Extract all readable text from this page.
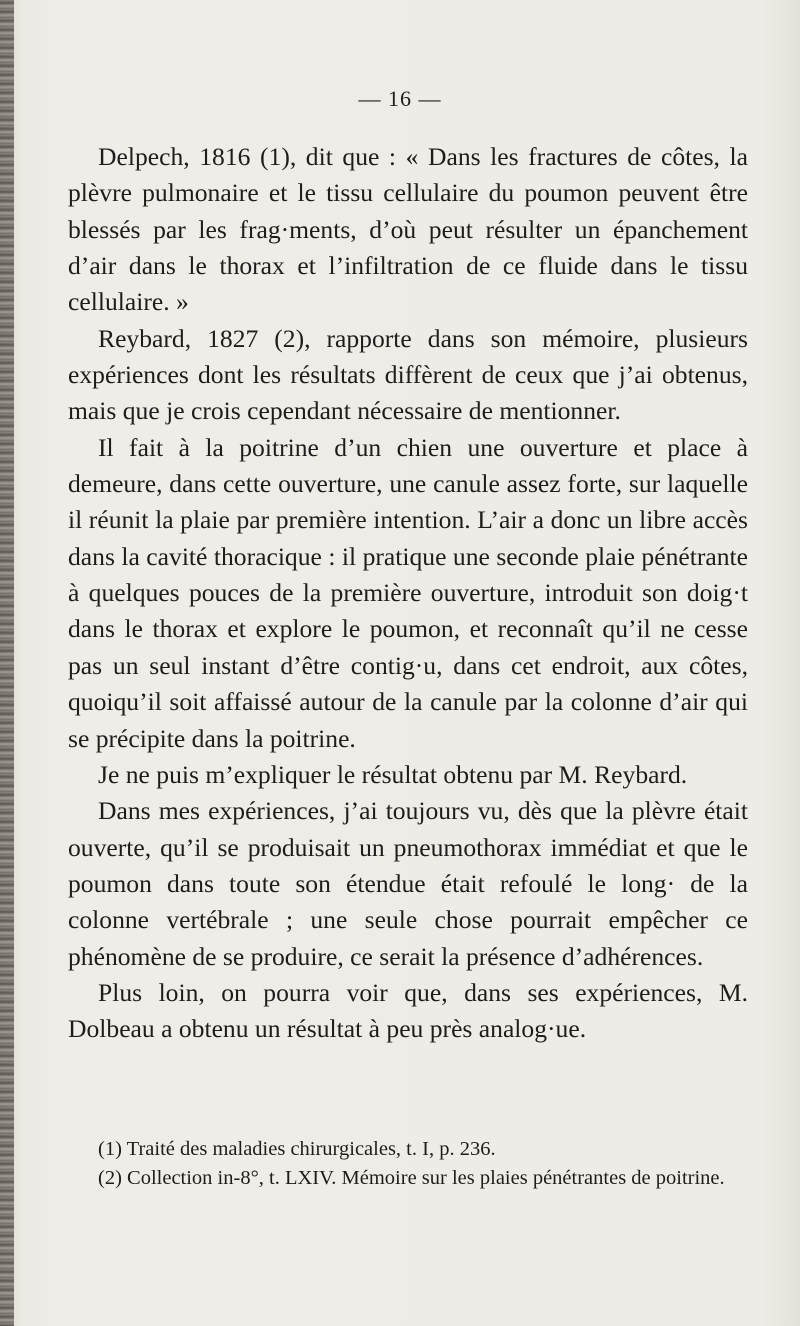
— 16 —

Delpech, 1816 (1), dit que : « Dans les fractures de côtes, la plèvre pulmonaire et le tissu cellulaire du poumon peuvent être blessés par les frag·ments, d’où peut résulter un épanchement d’air dans le thorax et l’infiltration de ce fluide dans le tissu cellulaire. »

Reybard, 1827 (2), rapporte dans son mémoire, plusieurs expériences dont les résultats diffèrent de ceux que j’ai obtenus, mais que je crois cependant nécessaire de mentionner.

Il fait à la poitrine d’un chien une ouverture et place à demeure, dans cette ouverture, une canule assez forte, sur laquelle il réunit la plaie par première intention. L’air a donc un libre accès dans la cavité thoracique : il pratique une seconde plaie pénétrante à quelques pouces de la première ouverture, introduit son doig·t dans le thorax et explore le poumon, et reconnaît qu’il ne cesse pas un seul instant d’être contig·u, dans cet endroit, aux côtes, quoiqu’il soit affaissé autour de la canule par la colonne d’air qui se précipite dans la poitrine.

Je ne puis m’expliquer le résultat obtenu par M. Reybard.

Dans mes expériences, j’ai toujours vu, dès que la plèvre était ouverte, qu’il se produisait un pneumothorax immédiat et que le poumon dans toute son étendue était refoulé le long· de la colonne vertébrale ; une seule chose pourrait empêcher ce phénomène de se produire, ce serait la présence d’adhérences.

Plus loin, on pourra voir que, dans ses expériences, M. Dolbeau a obtenu un résultat à peu près analog·ue.

(1) Traité des maladies chirurgicales, t. I, p. 236.

(2) Collection in-8°, t. LXIV. Mémoire sur les plaies pénétrantes de poitrine.
